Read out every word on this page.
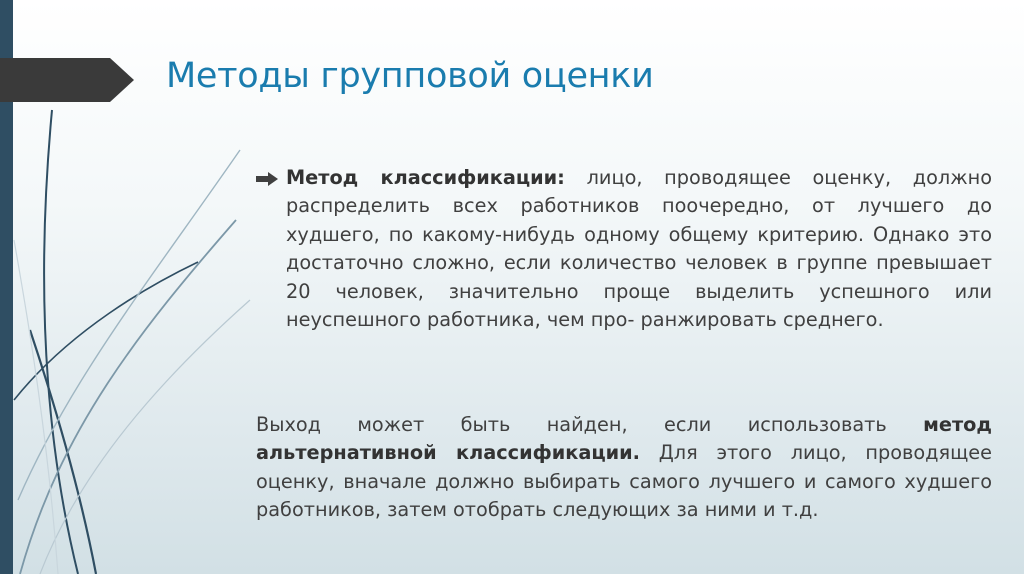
Методы групповой оценки
Метод классификации: лицо, проводящее оценку, должно распределить всех работников поочередно, от лучшего до худшего, по какому-нибудь одному общему критерию. Однако это достаточно сложно, если количество человек в группе превышает 20 человек, значительно проще выделить успешного или неуспешного работника, чем про- ранжировать среднего.
Выход может быть найден, если использовать метод альтернативной классификации. Для этого лицо, проводящее оценку, вначале должно выбирать самого лучшего и самого худшего работников, затем отобрать следующих за ними и т.д.
